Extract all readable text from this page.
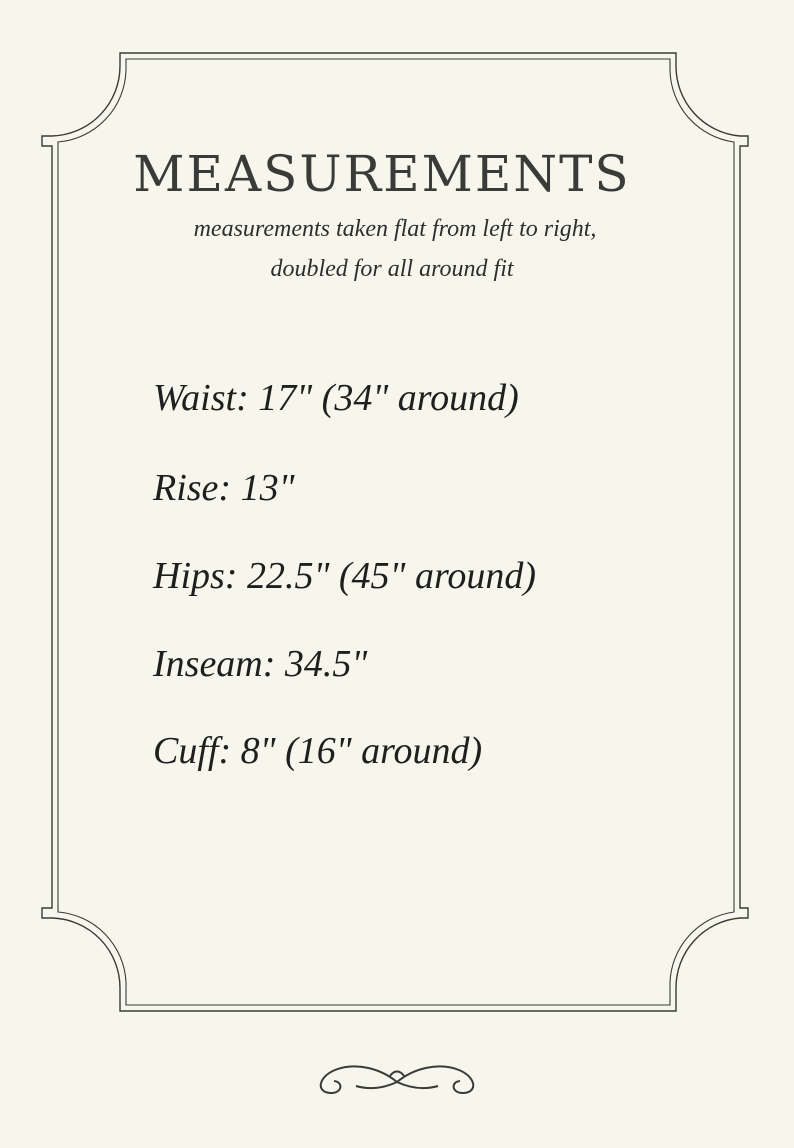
MEASUREMENTS

measurements taken flat from left to right,

doubled for all around fit

Waist: 17" (34" around)
Rise: 13"
Hips: 22.5" (45" around)
Inseam: 34.5"
Cuff: 8" (16" around)
